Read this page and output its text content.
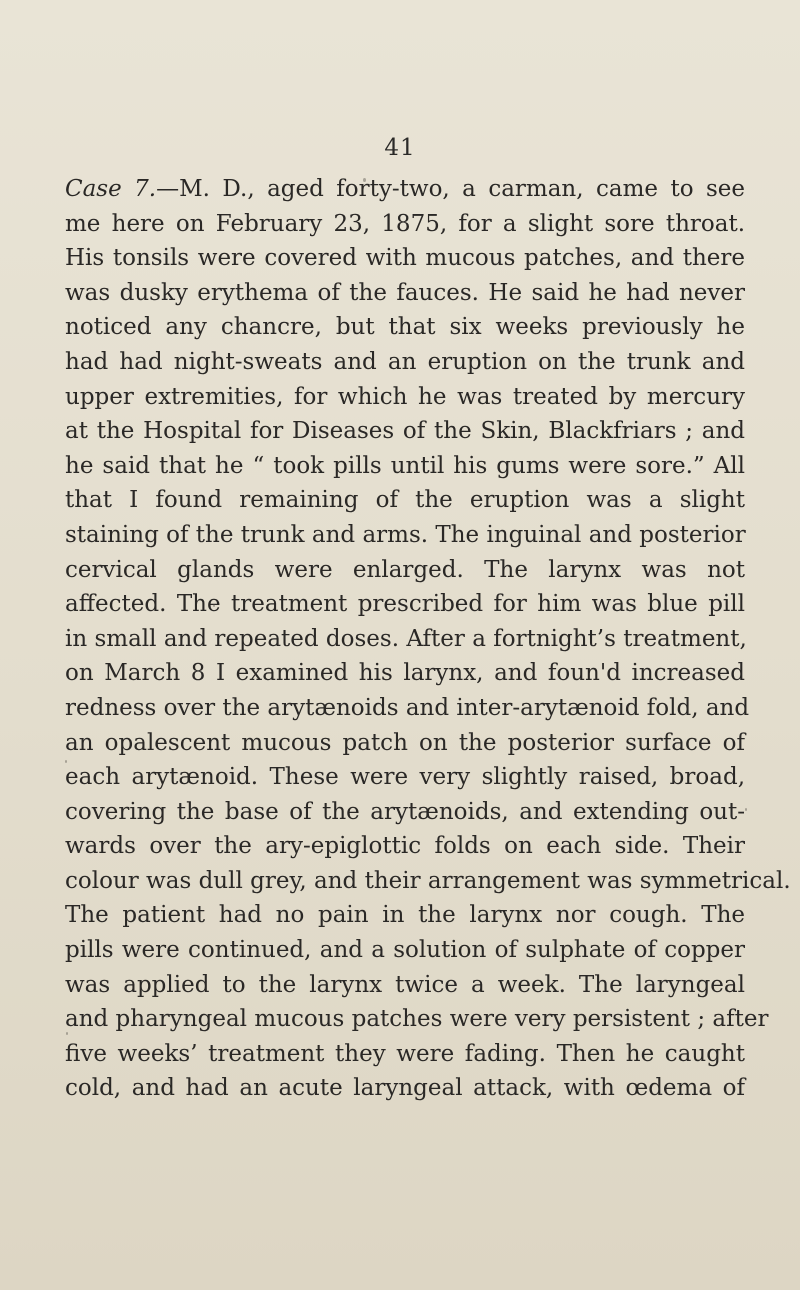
41
Case 7.—M. D., aged forty-two, a carman, came to see
me here on February 23, 1875, for a slight sore throat.
His tonsils were covered with mucous patches, and there
was dusky erythema of the fauces. He said he had never
noticed any chancre, but that six weeks previously he
had had night-sweats and an eruption on the trunk and
upper extremities, for which he was treated by mercury
at the Hospital for Diseases of the Skin, Blackfriars ; and
he said that he “ took pills until his gums were sore.” All
that I found remaining of the eruption was a slight
staining of the trunk and arms. The inguinal and posterior
cervical glands were enlarged. The larynx was not
affected. The treatment prescribed for him was blue pill
in small and repeated doses. After a fortnight’s treatment,
on March 8 I examined his larynx, and foun'd increased
redness over the arytænoids and inter-arytænoid fold, and
an opalescent mucous patch on the posterior surface of
each arytænoid. These were very slightly raised, broad,
covering the base of the arytænoids, and extending out-
wards over the ary-epiglottic folds on each side. Their
colour was dull grey, and their arrangement was symmetrical.
The patient had no pain in the larynx nor cough. The
pills were continued, and a solution of sulphate of copper
was applied to the larynx twice a week. The laryngeal
and pharyngeal mucous patches were very persistent ; after
five weeks’ treatment they were fading. Then he caught
cold, and had an acute laryngeal attack, with œdema of
